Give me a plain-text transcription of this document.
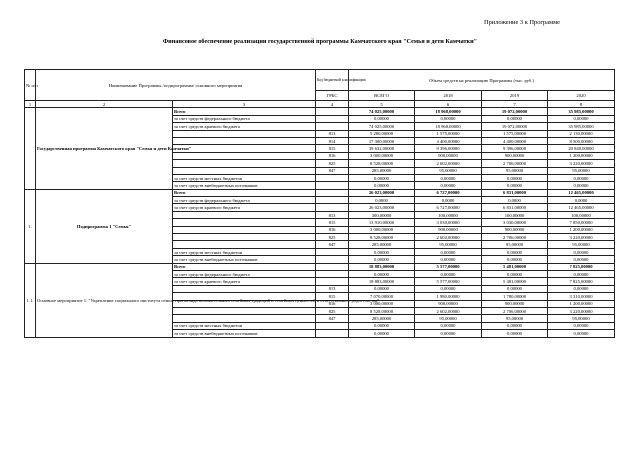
Приложение 3 к Программе
Финансовое обеспечение реализации государственной программы Камчатского края "Семья и дети Камчатки"
№ п/п	Наименование Программы /подпрограммы/ основного мероприятия		Код бюджетной классификации	Объем средств на реализацию Программы (тыс. руб.)			
			ГРБС	ВСЕГО	2018	2019	2020
1	2	3	4	5	6	7	8
	Государственная программа Камчатского края "Семья и дети Камчатки"	Всего		74 025,00000	18 968,00000	19 072,00000	35 985,00000
		за счет средств федерального бюджета		0,00000	0,00000	0,00000	0,00000
		за счет средств краевого бюджета		74 025,00000	18 968,00000	19 072,00000	35 985,00000
			813	5 280,00000	1 575,00000	1 575,00000	2 130,00000
			814	17 300,00000	4 400,00000	4 400,00000	8 500,00000
			815	39 632,00000	9 396,00000	9 396,00000	20 840,00000
			816	3 000,00000	900,00000	900,00000	1 200,00000
			825	8 528,00000	2 602,00000	2 706,00000	3 220,00000
			847	285,00000	95,00000	95,00000	95,00000
		за счет средств местных бюджетов		0,00000	0,00000	0,00000	0,00000
		за счет средств внебюджетных источников		0,00000	0,00000	0,00000	0,00000
1.	Подпрограмма 1 "Семья"	Всего		26 023,00000	6 727,00000	6 831,00000	12 465,00000
		за счет средств федерального бюджета		0,0000	0,0000	0,0000	0,0000
		за счет средств краевого бюджета		26 023,00000	6 727,00000	6 831,00000	12 465,00000
			813	300,00000	100,00000	100,00000	100,00000
			815	13 910,00000	3 030,00000	3 030,00000	7 850,00000
			816	3 000,00000	900,00000	900,00000	1 200,00000
			825	8 528,00000	2 602,00000	2 706,00000	3 220,00000
			847	285,00000	95,00000	95,00000	95,00000
		за счет средств местных бюджетов		0,00000	0,00000	0,00000	0,00000
		за счет средств внебюджетных источников		0,00000	0,00000	0,00000	0,00000
1.1.	Основное мероприятие 1: "Укрепление социального института семьи, пропаганда положительных семейных традиций и семейных ценностей и ответственного родительства"	Всего		18 883,00000	5 577,00000	5 481,00000	7 825,00000
		за счет средств федерального бюджета		0,00000	0,00000	0,00000	0,00000
		за счет средств краевого бюджета		18 883,00000	5 577,00000	5 481,00000	7 825,00000
			813	0,00000	0,00000	0,00000	0,00000
			815	7 070,00000	1 980,00000	1 780,00000	3 310,00000
			816	3 000,00000	900,00000	900,00000	1 200,00000
			825	8 528,00000	2 602,00000	2 706,00000	3 220,00000
			847	285,00000	95,00000	95,00000	95,00000
		за счет средств местных бюджетов		0,00000	0,00000	0,00000	0,00000
		за счет средств внебюджетных источников		0,00000	0,00000	0,00000	0,00000
